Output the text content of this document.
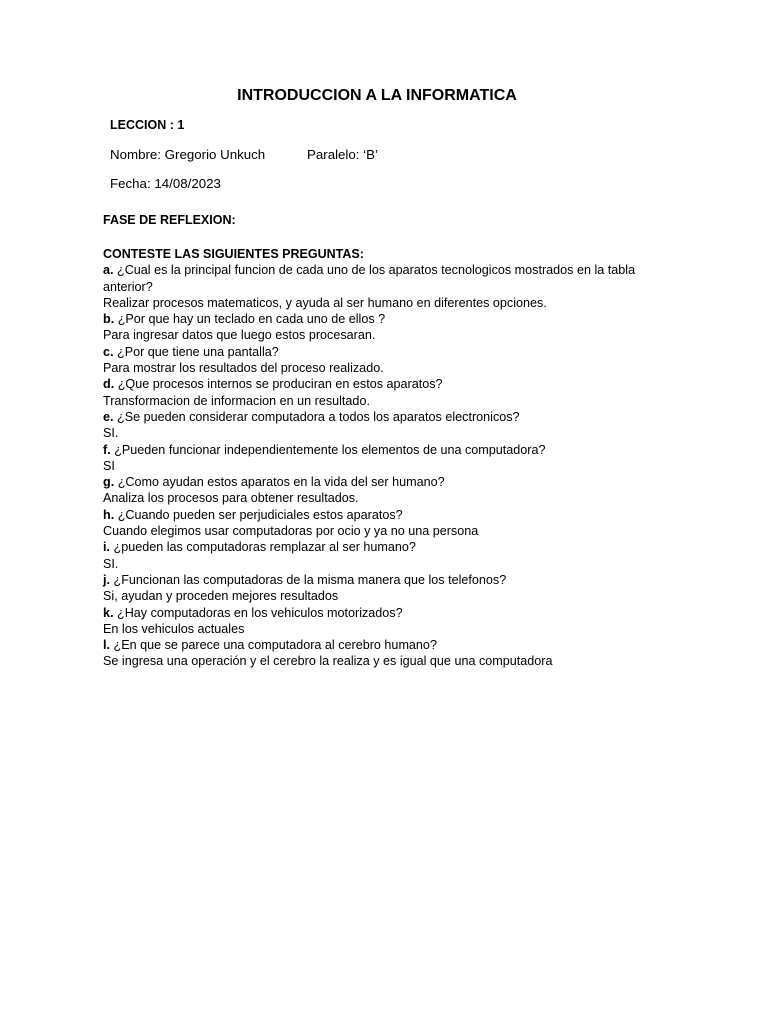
INTRODUCCION A LA INFORMATICA
LECCION : 1
Nombre: Gregorio Unkuch	Paralelo: ‘B’
Fecha: 14/08/2023
FASE DE REFLEXION:
CONTESTE LAS SIGUIENTES PREGUNTAS:
a. ¿Cual es la principal funcion de cada uno de los aparatos tecnologicos mostrados en la tabla
anterior?
Realizar procesos matematicos, y ayuda al ser humano en diferentes opciones.
b. ¿Por que hay un teclado en cada uno de ellos ?
Para ingresar datos que luego estos procesaran.
c. ¿Por que tiene una pantalla?
Para mostrar los resultados del proceso realizado.
d. ¿Que procesos internos se produciran en estos aparatos?
Transformacion de informacion en un resultado.
e. ¿Se pueden considerar computadora a todos los aparatos electronicos?
SI.
f. ¿Pueden funcionar independientemente los elementos de una computadora?
SI
g. ¿Como ayudan estos aparatos en la vida del ser humano?
Analiza los procesos para obtener resultados.
h. ¿Cuando pueden ser perjudiciales estos aparatos?
Cuando elegimos usar computadoras por ocio y ya no una persona
i. ¿pueden las computadoras remplazar al ser humano?
SI.
j. ¿Funcionan las computadoras de la misma manera que los telefonos?
Si, ayudan y proceden mejores resultados
k. ¿Hay computadoras en los vehiculos motorizados?
En los vehiculos actuales
l. ¿En que se parece una computadora al cerebro humano?
Se ingresa una operación y el cerebro la realiza y es igual que una computadora
